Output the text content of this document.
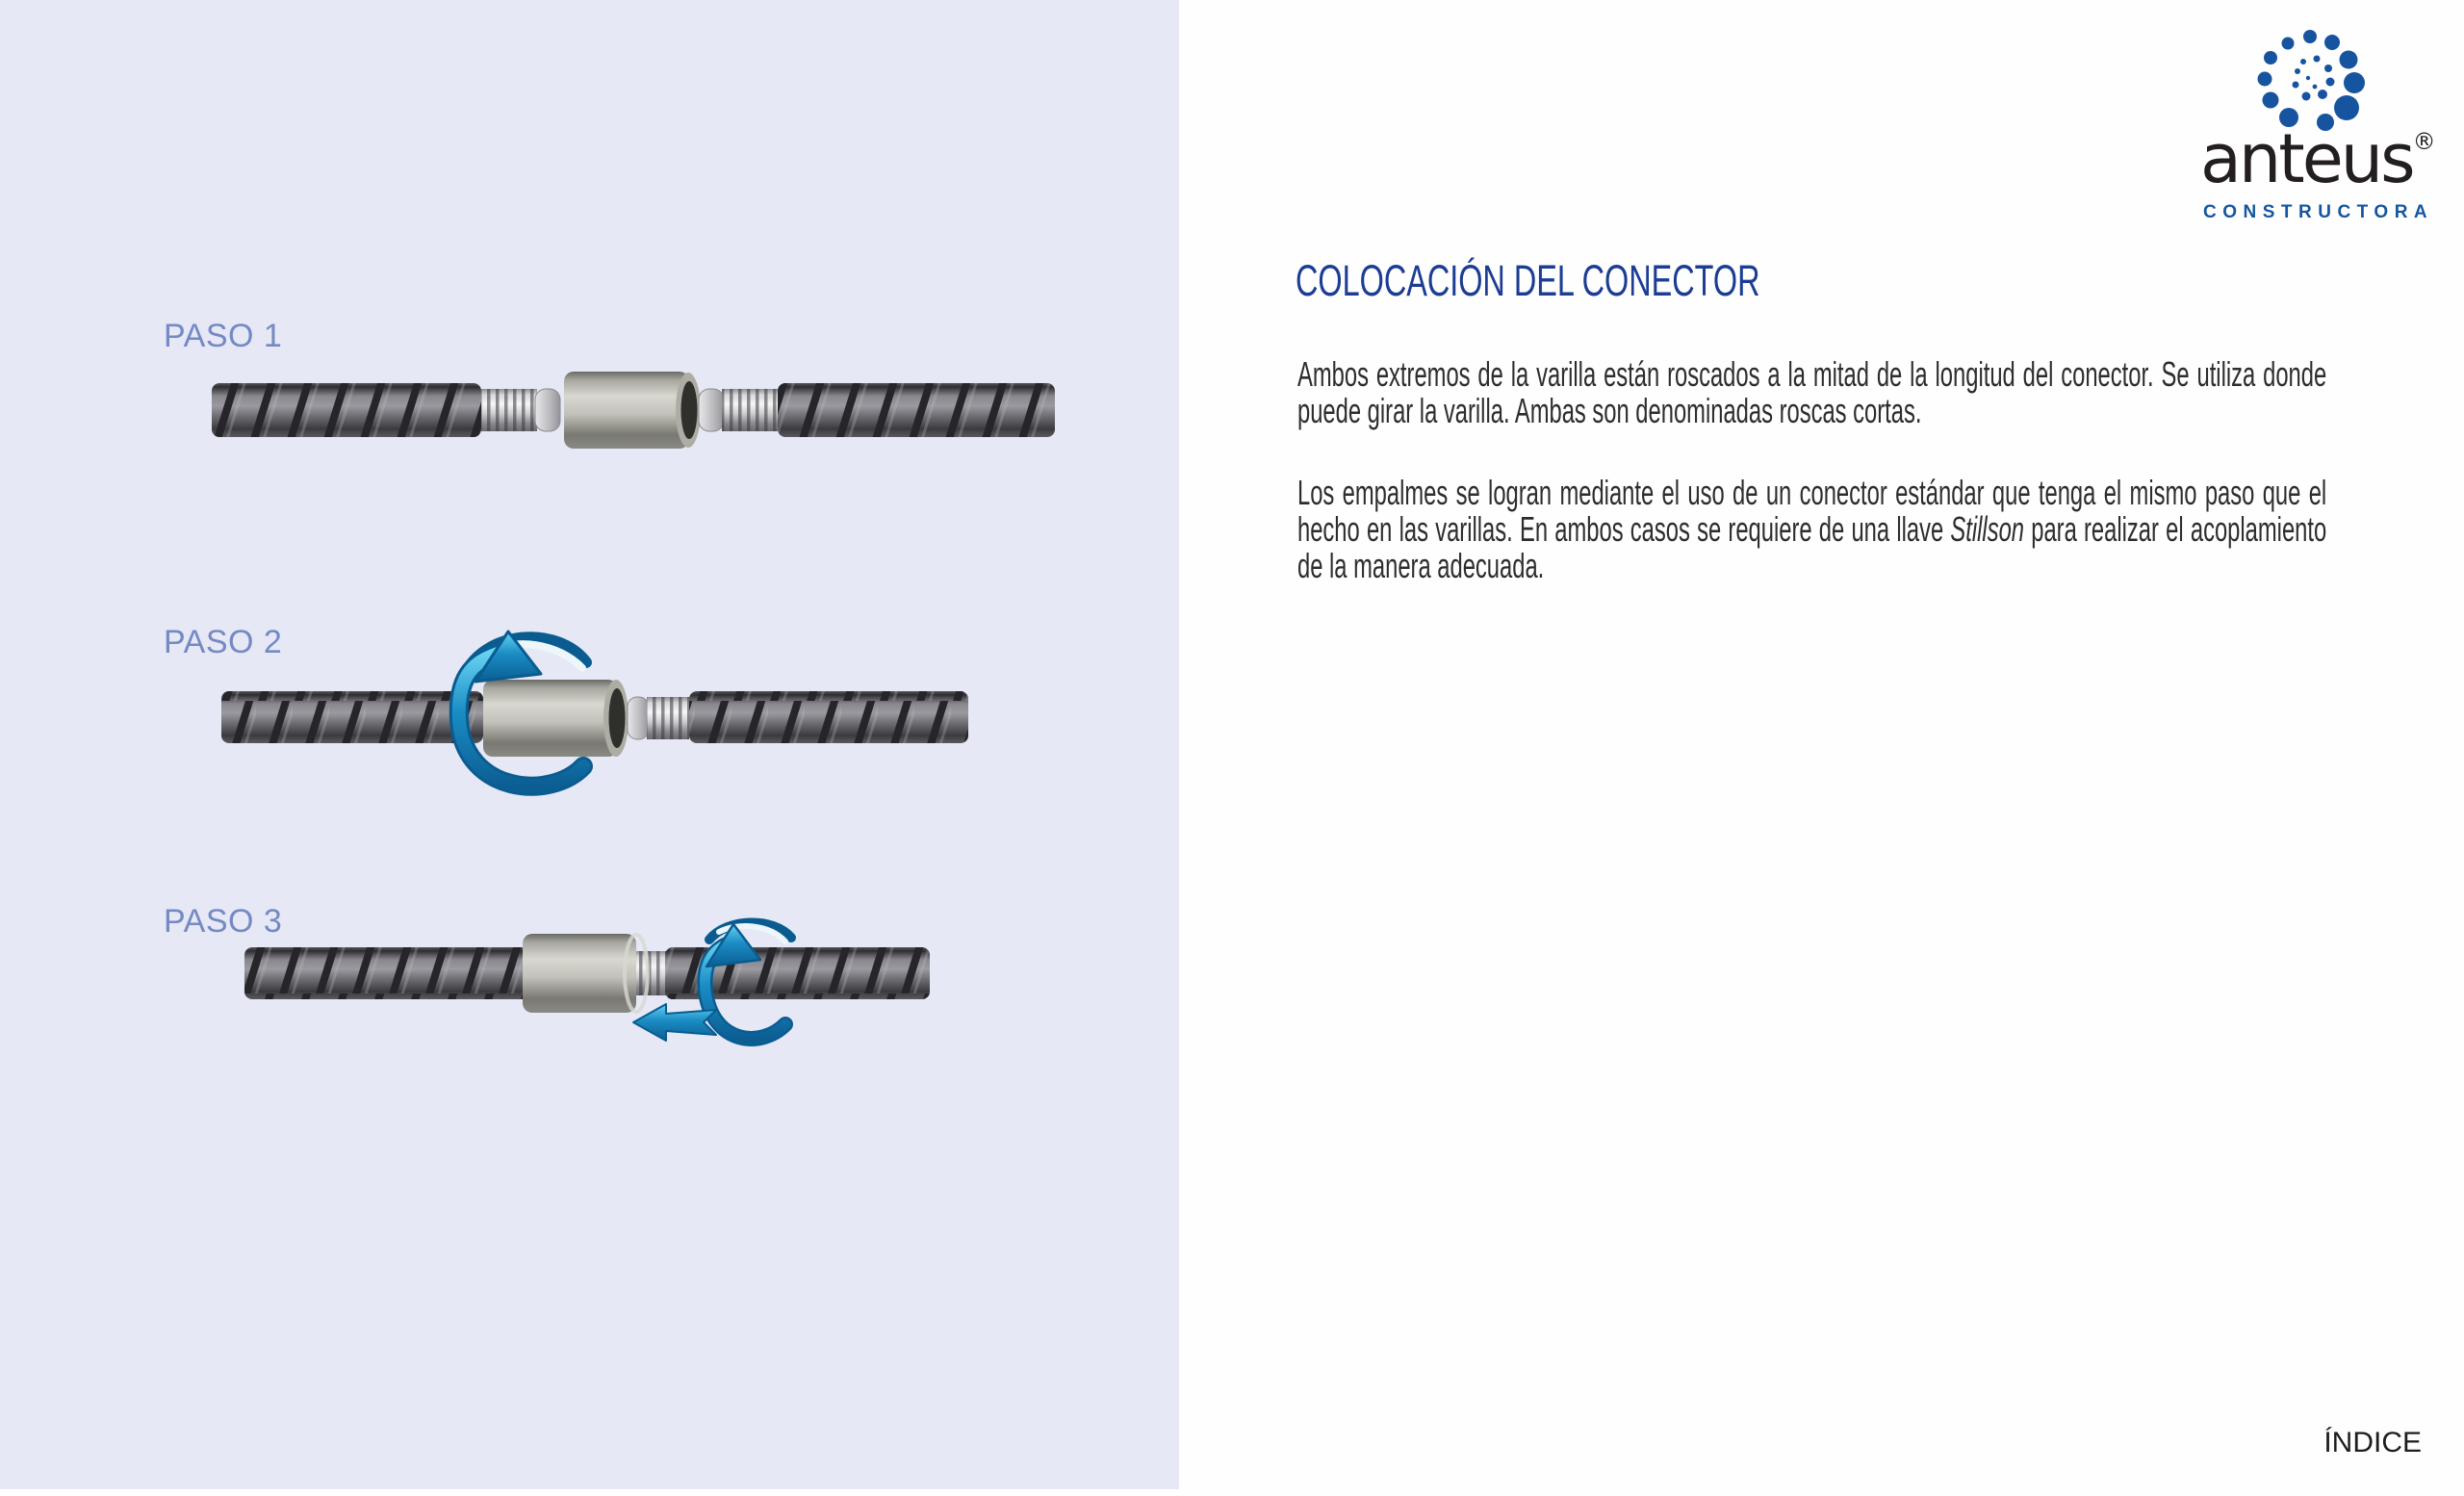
PASO 1
PASO 2
PASO 3
anteus®
CONSTRUCTORA
COLOCACIÓN DEL CONECTOR
Ambos extremos de la varilla están roscados a la mitad de la longitud del conector. Se utiliza donde puede girar la varilla. Ambas son denominadas roscas cortas.
Los empalmes se logran mediante el uso de un conector estándar que tenga el mismo paso que el hecho en las varillas. En ambos casos se requiere de una llave Stillson para realizar el acoplamiento de la manera adecuada.
ÍNDICE
